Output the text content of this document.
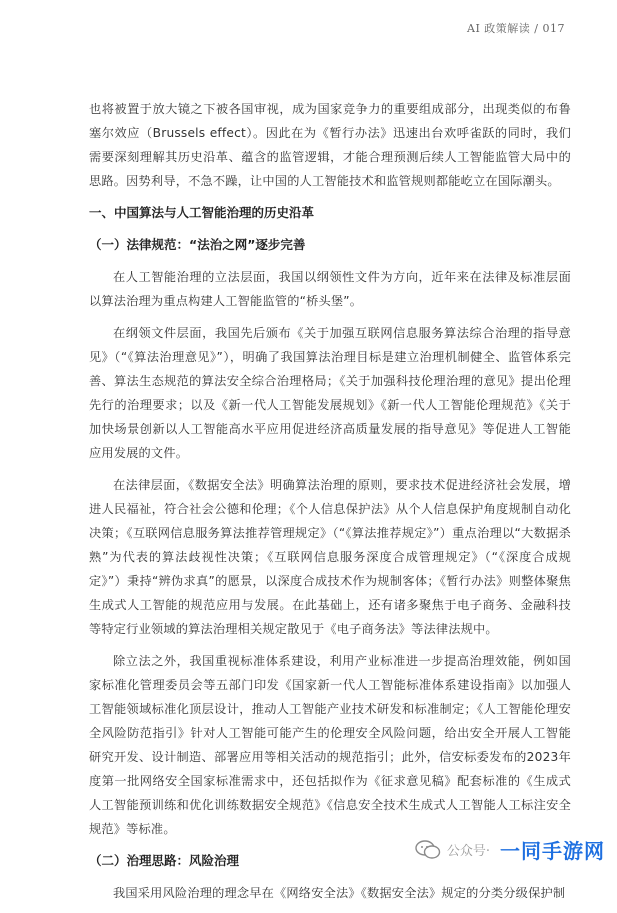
AI 政策解读 / 017

也将被置于放大镜之下被各国审视，成为国家竞争力的重要组成部分，出现类似的布鲁塞尔效应（Brussels effect）。因此在为《暂行办法》迅速出台欢呼雀跃的同时，我们需要深刻理解其历史沿革、蕴含的监管逻辑，才能合理预测后续人工智能监管大局中的思路。因势利导，不急不躁，让中国的人工智能技术和监管规则都能屹立在国际潮头。

一、中国算法与人工智能治理的历史沿革

（一）法律规范：“法治之网”逐步完善

在人工智能治理的立法层面，我国以纲领性文件为方向，近年来在法律及标准层面以算法治理为重点构建人工智能监管的“桥头堡”。

在纲领文件层面，我国先后颁布《关于加强互联网信息服务算法综合治理的指导意见》（“《算法治理意见》”），明确了我国算法治理目标是建立治理机制健全、监管体系完善、算法生态规范的算法安全综合治理格局；《关于加强科技伦理治理的意见》提出伦理先行的治理要求；以及《新一代人工智能发展规划》《新一代人工智能伦理规范》《关于加快场景创新以人工智能高水平应用促进经济高质量发展的指导意见》等促进人工智能应用发展的文件。

在法律层面，《数据安全法》明确算法治理的原则，要求技术促进经济社会发展，增进人民福祉，符合社会公德和伦理；《个人信息保护法》从个人信息保护角度规制自动化决策；《互联网信息服务算法推荐管理规定》（“《算法推荐规定》”）重点治理以“大数据杀熟”为代表的算法歧视性决策；《互联网信息服务深度合成管理规定》（“《深度合成规定》”）秉持“辨伪求真”的愿景，以深度合成技术作为规制客体；《暂行办法》则整体聚焦生成式人工智能的规范应用与发展。在此基础上，还有诸多聚焦于电子商务、金融科技等特定行业领域的算法治理相关规定散见于《电子商务法》等法律法规中。

除立法之外，我国重视标准体系建设，利用产业标准进一步提高治理效能，例如国家标准化管理委员会等五部门印发《国家新一代人工智能标准体系建设指南》以加强人工智能领域标准化顶层设计，推动人工智能产业技术研发和标准制定；《人工智能伦理安全风险防范指引》针对人工智能可能产生的伦理安全风险问题，给出安全开展人工智能研究开发、设计制造、部署应用等相关活动的规范指引；此外，信安标委发布的2023年度第一批网络安全国家标准需求中，还包括拟作为《征求意见稿》配套标准的《生成式人工智能预训练和优化训练数据安全规范》《信息安全技术生成式人工智能人工标注安全规范》等标准。

（二）治理思路：风险治理

我国采用风险治理的理念早在《网络安全法》《数据安全法》规定的分类分级保护制

公众号· 一同手游网
